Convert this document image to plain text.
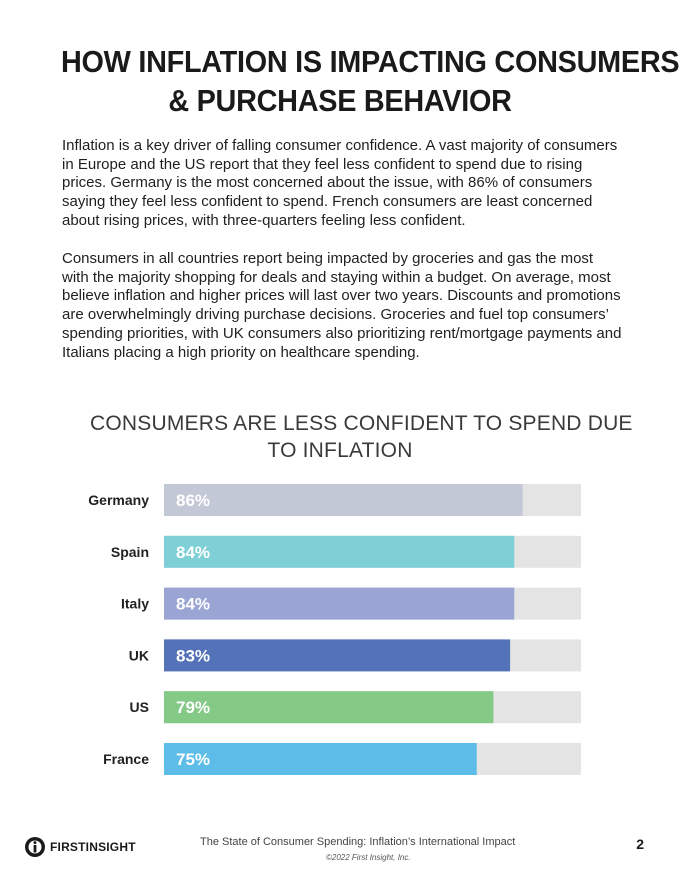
HOW INFLATION IS IMPACTING CONSUMERS
& PURCHASE BEHAVIOR
Inflation is a key driver of falling consumer confidence. A vast majority of consumers in Europe and the US report that they feel less confident to spend due to rising prices. Germany is the most concerned about the issue, with 86% of consumers saying they feel less confident to spend. French consumers are least concerned about rising prices, with three-quarters feeling less confident.
Consumers in all countries report being impacted by groceries and gas the most with the majority shopping for deals and staying within a budget. On average, most believe inflation and higher prices will last over two years. Discounts and promotions are overwhelmingly driving purchase decisions. Groceries and fuel top consumers’ spending priorities, with UK consumers also prioritizing rent/mortgage payments and Italians placing a high priority on healthcare spending.
CONSUMERS ARE LESS CONFIDENT TO SPEND DUE
TO INFLATION
Germany 86%
Spain 84%
Italy 84%
UK 83%
US 79%
France 75%
FIRSTINSIGHT	The State of Consumer Spending: Inflation’s International Impact
©2022 First Insight, Inc.
2
